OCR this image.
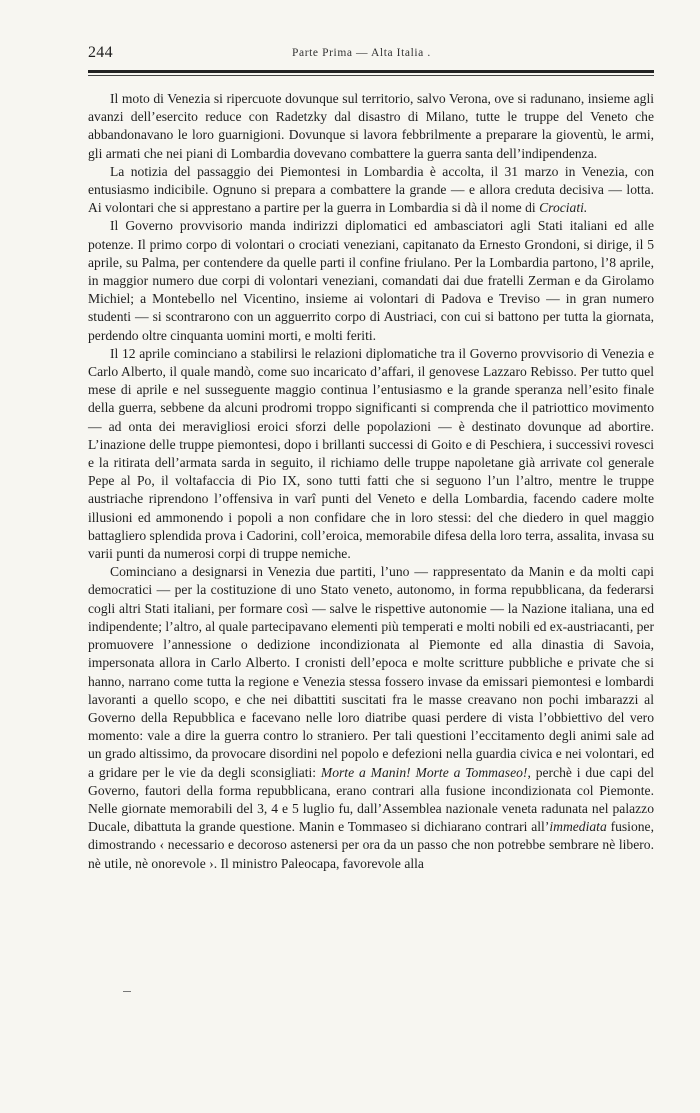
244	Parte Prima — Alta Italia .

Il moto di Venezia si ripercuote dovunque sul territorio, salvo Verona, ove si radunano, insieme agli avanzi dell’esercito reduce con Radetzky dal disastro di Milano, tutte le truppe del Veneto che abbandonavano le loro guarnigioni. Dovunque si lavora febbrilmente a preparare la gioventù, le armi, gli armati che nei piani di Lombardia dovevano combattere la guerra santa dell’indipendenza.

La notizia del passaggio dei Piemontesi in Lombardia è accolta, il 31 marzo in Venezia, con entusiasmo indicibile. Ognuno si prepara a combattere la grande — e allora creduta decisiva — lotta. Ai volontari che si apprestano a partire per la guerra in Lombardia si dà il nome di Crociati.

Il Governo provvisorio manda indirizzi diplomatici ed ambasciatori agli Stati italiani ed alle potenze. Il primo corpo di volontari o crociati veneziani, capitanato da Ernesto Grondoni, si dirige, il 5 aprile, su Palma, per contendere da quelle parti il confine friulano. Per la Lombardia partono, l’8 aprile, in maggior numero due corpi di volontari veneziani, comandati dai due fratelli Zerman e da Girolamo Michiel; a Montebello nel Vicentino, insieme ai volontari di Padova e Treviso — in gran numero studenti — si scontrarono con un agguerrito corpo di Austriaci, con cui si battono per tutta la giornata, perdendo oltre cinquanta uomini morti, e molti feriti.

Il 12 aprile cominciano a stabilirsi le relazioni diplomatiche tra il Governo provvisorio di Venezia e Carlo Alberto, il quale mandò, come suo incaricato d’affari, il genovese Lazzaro Rebisso. Per tutto quel mese di aprile e nel susseguente maggio continua l’entusiasmo e la grande speranza nell’esito finale della guerra, sebbene da alcuni prodromi troppo significanti si comprenda che il patriottico movimento — ad onta dei meravigliosi eroici sforzi delle popolazioni — è destinato dovunque ad abortire. L’inazione delle truppe piemontesi, dopo i brillanti successi di Goito e di Peschiera, i successivi rovesci e la ritirata dell’armata sarda in seguito, il richiamo delle truppe napoletane già arrivate col generale Pepe al Po, il voltafaccia di Pio IX, sono tutti fatti che si seguono l’un l’altro, mentre le truppe austriache riprendono l’offensiva in varî punti del Veneto e della Lombardia, facendo cadere molte illusioni ed ammonendo i popoli a non confidare che in loro stessi: del che diedero in quel maggio battagliero splendida prova i Cadorini, coll’eroica, memorabile difesa della loro terra, assalita, invasa su varii punti da numerosi corpi di truppe nemiche.

Cominciano a designarsi in Venezia due partiti, l’uno — rappresentato da Manin e da molti capi democratici — per la costituzione di uno Stato veneto, autonomo, in forma repubblicana, da federarsi cogli altri Stati italiani, per formare così — salve le rispettive autonomie — la Nazione italiana, una ed indipendente; l’altro, al quale partecipavano elementi più temperati e molti nobili ed ex-austriacanti, per promuovere l’annessione o dedizione incondizionata al Piemonte ed alla dinastia di Savoia, impersonata allora in Carlo Alberto. I cronisti dell’epoca e molte scritture pubbliche e private che si hanno, narrano come tutta la regione e Venezia stessa fossero invase da emissari piemontesi e lombardi lavoranti a quello scopo, e che nei dibattiti suscitati fra le masse creavano non pochi imbarazzi al Governo della Repubblica e facevano nelle loro diatribe quasi perdere di vista l’obbiettivo del vero momento: vale a dire la guerra contro lo straniero. Per tali questioni l’eccitamento degli animi sale ad un grado altissimo, da provocare disordini nel popolo e defezioni nella guardia civica e nei volontari, ed a gridare per le vie da degli sconsigliati: Morte a Manin! Morte a Tommaseo!, perchè i due capi del Governo, fautori della forma repubblicana, erano contrari alla fusione incondizionata col Piemonte. Nelle giornate memorabili del 3, 4 e 5 luglio fu, dall’Assemblea nazionale veneta radunata nel palazzo Ducale, dibattuta la grande questione. Manin e Tommaseo si dichiarano contrari all’immediata fusione, dimostrando ‹ necessario e decoroso astenersi per ora da un passo che non potrebbe sembrare nè libero. nè utile, nè onorevole ›. Il ministro Paleocapa, favorevole alla
